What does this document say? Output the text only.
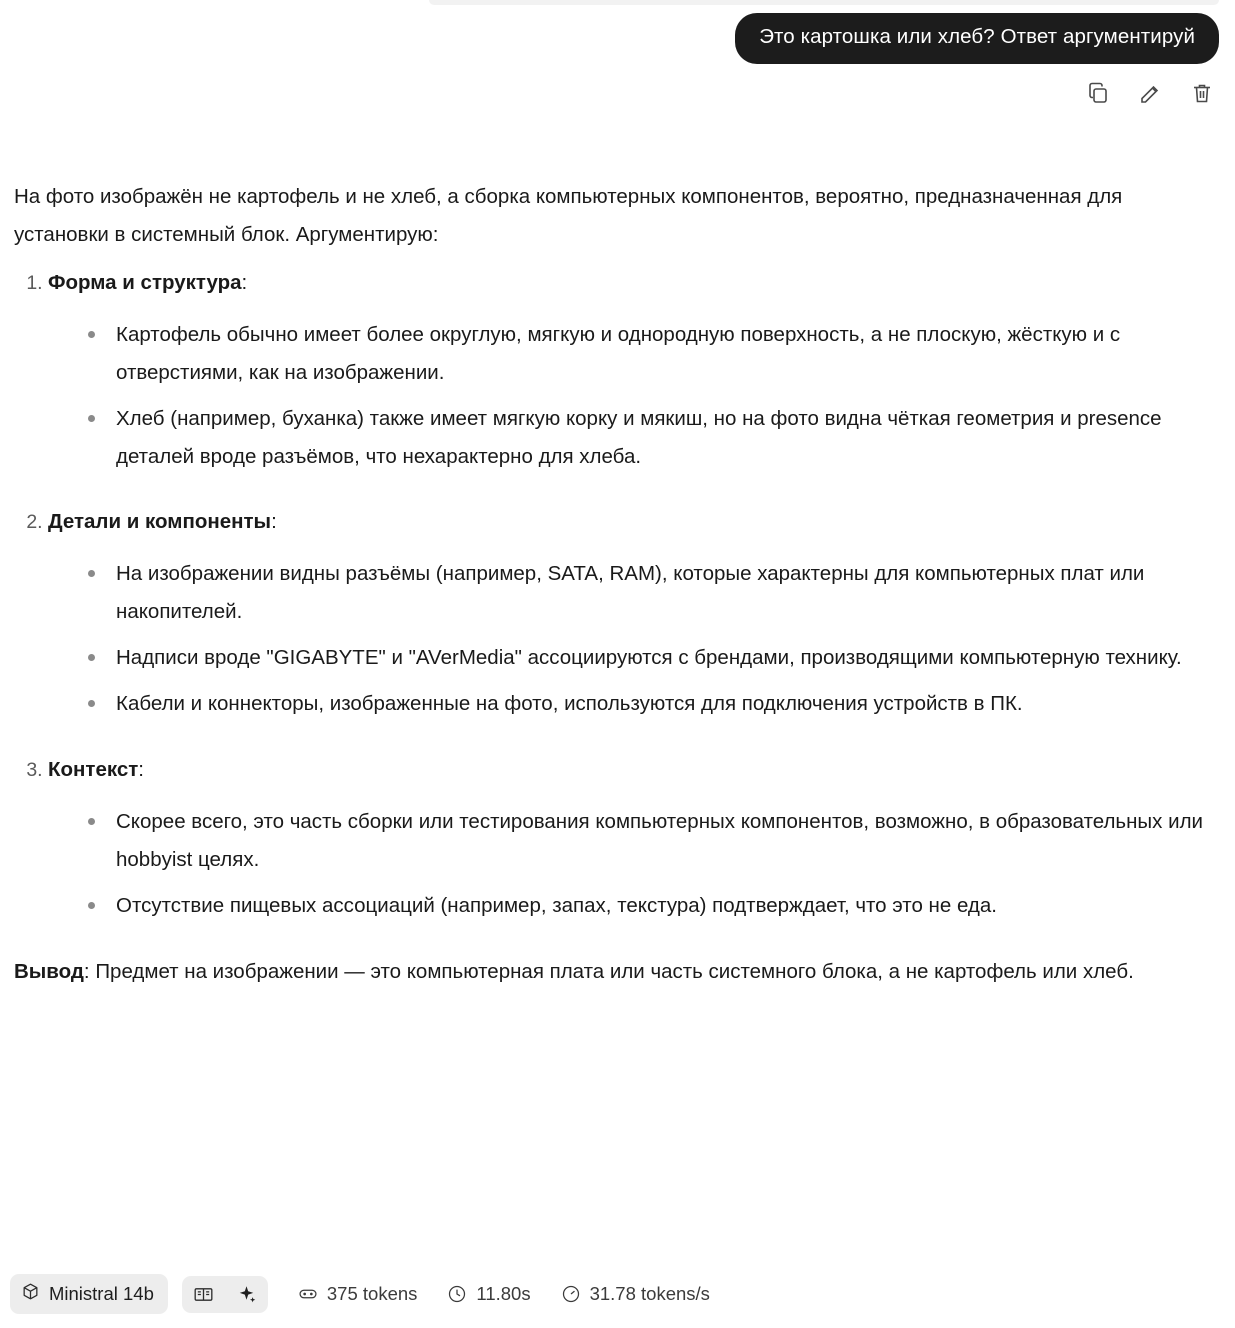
Это картошка или хлеб? Ответ аргументируй

На фото изображён не картофель и не хлеб, а сборка компьютерных компонентов, вероятно, предназначенная для установки в системный блок. Аргументирую:

1. Форма и структура:
Картофель обычно имеет более округлую, мягкую и однородную поверхность, а не плоскую, жёсткую и с отверстиями, как на изображении.
Хлеб (например, буханка) также имеет мягкую корку и мякиш, но на фото видна чёткая геометрия и presence деталей вроде разъёмов, что нехарактерно для хлеба.
2. Детали и компоненты:
На изображении видны разъёмы (например, SATA, RAM), которые характерны для компьютерных плат или накопителей.
Надписи вроде "GIGABYTE" и "AVerMedia" ассоциируются с брендами, производящими компьютерную технику.
Кабели и коннекторы, изображенные на фото, используются для подключения устройств в ПК.
3. Контекст:
Скорее всего, это часть сборки или тестирования компьютерных компонентов, возможно, в образовательных или hobbyist целях.
Отсутствие пищевых ассоциаций (например, запах, текстура) подтверждает, что это не еда.

Вывод: Предмет на изображении — это компьютерная плата или часть системного блока, а не картофель или хлеб.

Ministral 14b	375 tokens	11.80s	31.78 tokens/s
